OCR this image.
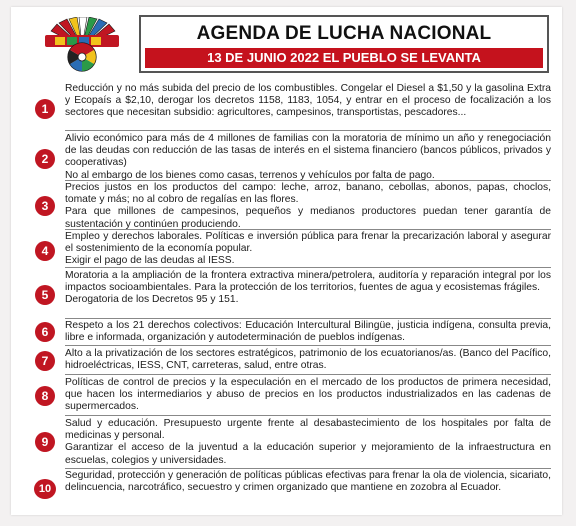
AGENDA DE LUCHA NACIONAL
13 DE JUNIO 2022 EL PUEBLO SE LEVANTA
1

Reducción y no más subida del precio de los combustibles. Congelar el Diesel a $1,50 y la gasolina Extra y Ecopaís a $2,10, derogar los decretos 1158, 1183, 1054, y entrar en el proceso de focalización a los sectores que necesitan subsidio: agricultores, campesinos, transportistas, pescadores...

2

Alivio económico para más de 4 millones de familias con la moratoria de mínimo un año y renegociación de las deudas con reducción de las tasas de interés en el sistema financiero (bancos públicos, privados y cooperativas)
No al embargo de los bienes como casas, terrenos y vehículos por falta de pago.

3

Precios justos en los productos del campo: leche, arroz, banano, cebollas, abonos, papas, choclos, tomate y más; no al cobro de regalías en las flores.
Para que millones de campesinos, pequeños y medianos productores puedan tener garantía de sustentación y continúen produciendo.

4

Empleo y derechos laborales. Políticas e inversión pública para frenar la precarización laboral y asegurar el sostenimiento de la economía popular.
Exigir el pago de las deudas al IESS.

5

Moratoria a la ampliación de la frontera extractiva minera/petrolera, auditoría y reparación integral por los impactos socioambientales. Para la protección de los territorios, fuentes de agua y ecosistemas frágiles.
Derogatoria de los Decretos 95 y 151.

6	Respeto a los 21 derechos colectivos: Educación Intercultural Bilingüe, justicia indígena, consulta previa, libre e informada, organización y autodeterminación de pueblos indígenas.

7

Alto a la privatización de los sectores estratégicos, patrimonio de los ecuatorianos/as. (Banco del Pacífico, hidroeléctricas, IESS, CNT, carreteras, salud, entre otras.

8

Políticas de control de precios y la especulación en el mercado de los productos de primera necesidad, que hacen los intermediarios y abuso de precios en los productos industrializados en las cadenas de supermercados.

9

Salud y educación. Presupuesto urgente frente al desabastecimiento de los hospitales por falta de medicinas y personal.
Garantizar el acceso de la juventud a la educación superior y mejoramiento de la infraestructura en escuelas, colegios y universidades.

10

Seguridad, protección y generación de políticas públicas efectivas para frenar la ola de violencia, sicariato, delincuencia, narcotráfico, secuestro y crimen organizado que mantiene en zozobra al Ecuador.
